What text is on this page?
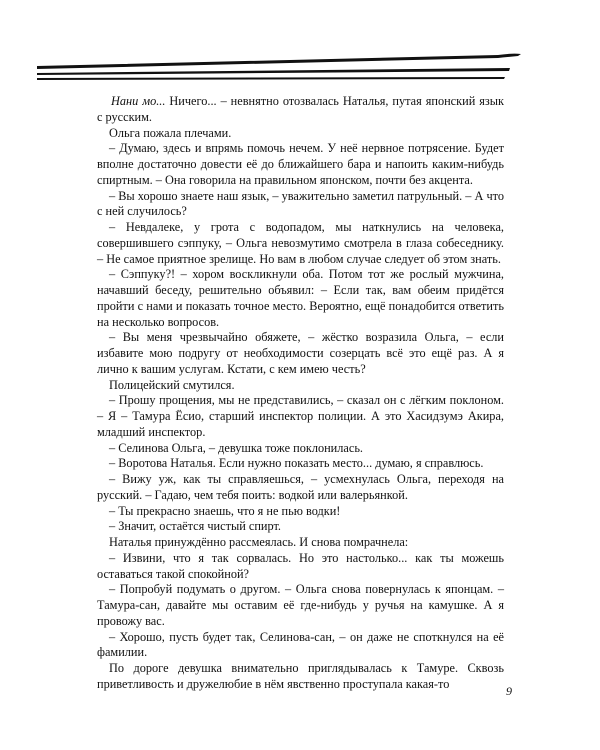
Нани мо... Ничего... – невнятно отозвалась Наталья, путая японский язык с русским.

Ольга пожала плечами.

– Думаю, здесь и впрямь помочь нечем. У неё нервное потрясение. Будет вполне достаточно довести её до ближайшего бара и напоить каким-нибудь спиртным. – Она говорила на правильном японском, почти без акцента.

– Вы хорошо знаете наш язык, – уважительно заметил патрульный. – А что с ней случилось?

– Невдалеке, у грота с водопадом, мы наткнулись на человека, совершившего сэппуку, – Ольга невозмутимо смотрела в глаза собеседнику. – Не самое приятное зрелище. Но вам в любом случае следует об этом знать.

– Сэппуку?! – хором воскликнули оба. Потом тот же рослый мужчина, начавший беседу, решительно объявил: – Если так, вам обеим придётся пройти с нами и показать точное место. Вероятно, ещё понадобится ответить на несколько вопросов.

– Вы меня чрезвычайно обяжете, – жёстко возразила Ольга, – если избавите мою подругу от необходимости созерцать всё это ещё раз. А я лично к вашим услугам. Кстати, с кем имею честь?

Полицейский смутился.

– Прошу прощения, мы не представились, – сказал он с лёгким поклоном. – Я – Тамура Ёсио, старший инспектор полиции. А это Хасидзумэ Акира, младший инспектор.

– Селинова Ольга, – девушка тоже поклонилась.

– Воротова Наталья. Если нужно показать место... думаю, я справлюсь.

– Вижу уж, как ты справляешься, – усмехнулась Ольга, переходя на русский. – Гадаю, чем тебя поить: водкой или валерьянкой.

– Ты прекрасно знаешь, что я не пью водки!

– Значит, остаётся чистый спирт.

Наталья принуждённо рассмеялась. И снова помрачнела:

– Извини, что я так сорвалась. Но это настолько... как ты можешь оставаться такой спокойной?

– Попробуй подумать о другом. – Ольга снова повернулась к японцам. – Тамура-сан, давайте мы оставим её где-нибудь у ручья на камушке. А я провожу вас.

– Хорошо, пусть будет так, Селинова-сан, – он даже не споткнулся на её фамилии.

По дороге девушка внимательно приглядывалась к Тамуре. Сквозь приветливость и дружелюбие в нём явственно проступала какая-то

9
